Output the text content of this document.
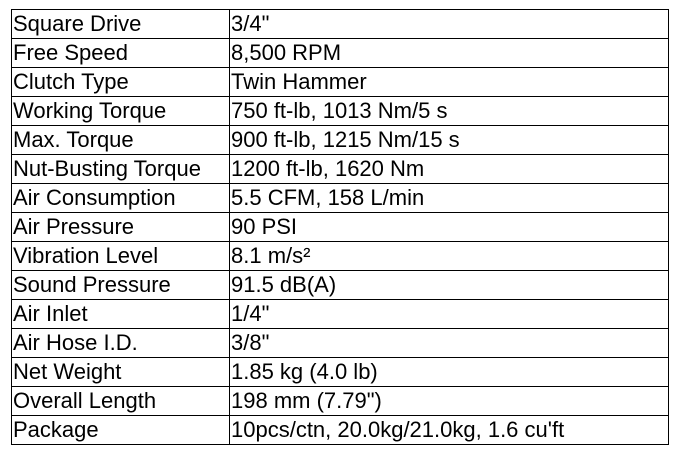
Square Drive	3/4"
Free Speed	8,500 RPM
Clutch Type	Twin Hammer
Working Torque	750 ft-lb, 1013 Nm/5 s
Max. Torque	900 ft-lb, 1215 Nm/15 s
Nut-Busting Torque	1200 ft-lb, 1620 Nm
Air Consumption	5.5 CFM, 158 L/min
Air Pressure	90 PSI
Vibration Level	8.1 m/s²
Sound Pressure	91.5 dB(A)
Air Inlet	1/4"
Air Hose I.D.	3/8"
Net Weight	1.85 kg (4.0 lb)
Overall Length	198 mm (7.79")
Package	10pcs/ctn, 20.0kg/21.0kg, 1.6 cu'ft
